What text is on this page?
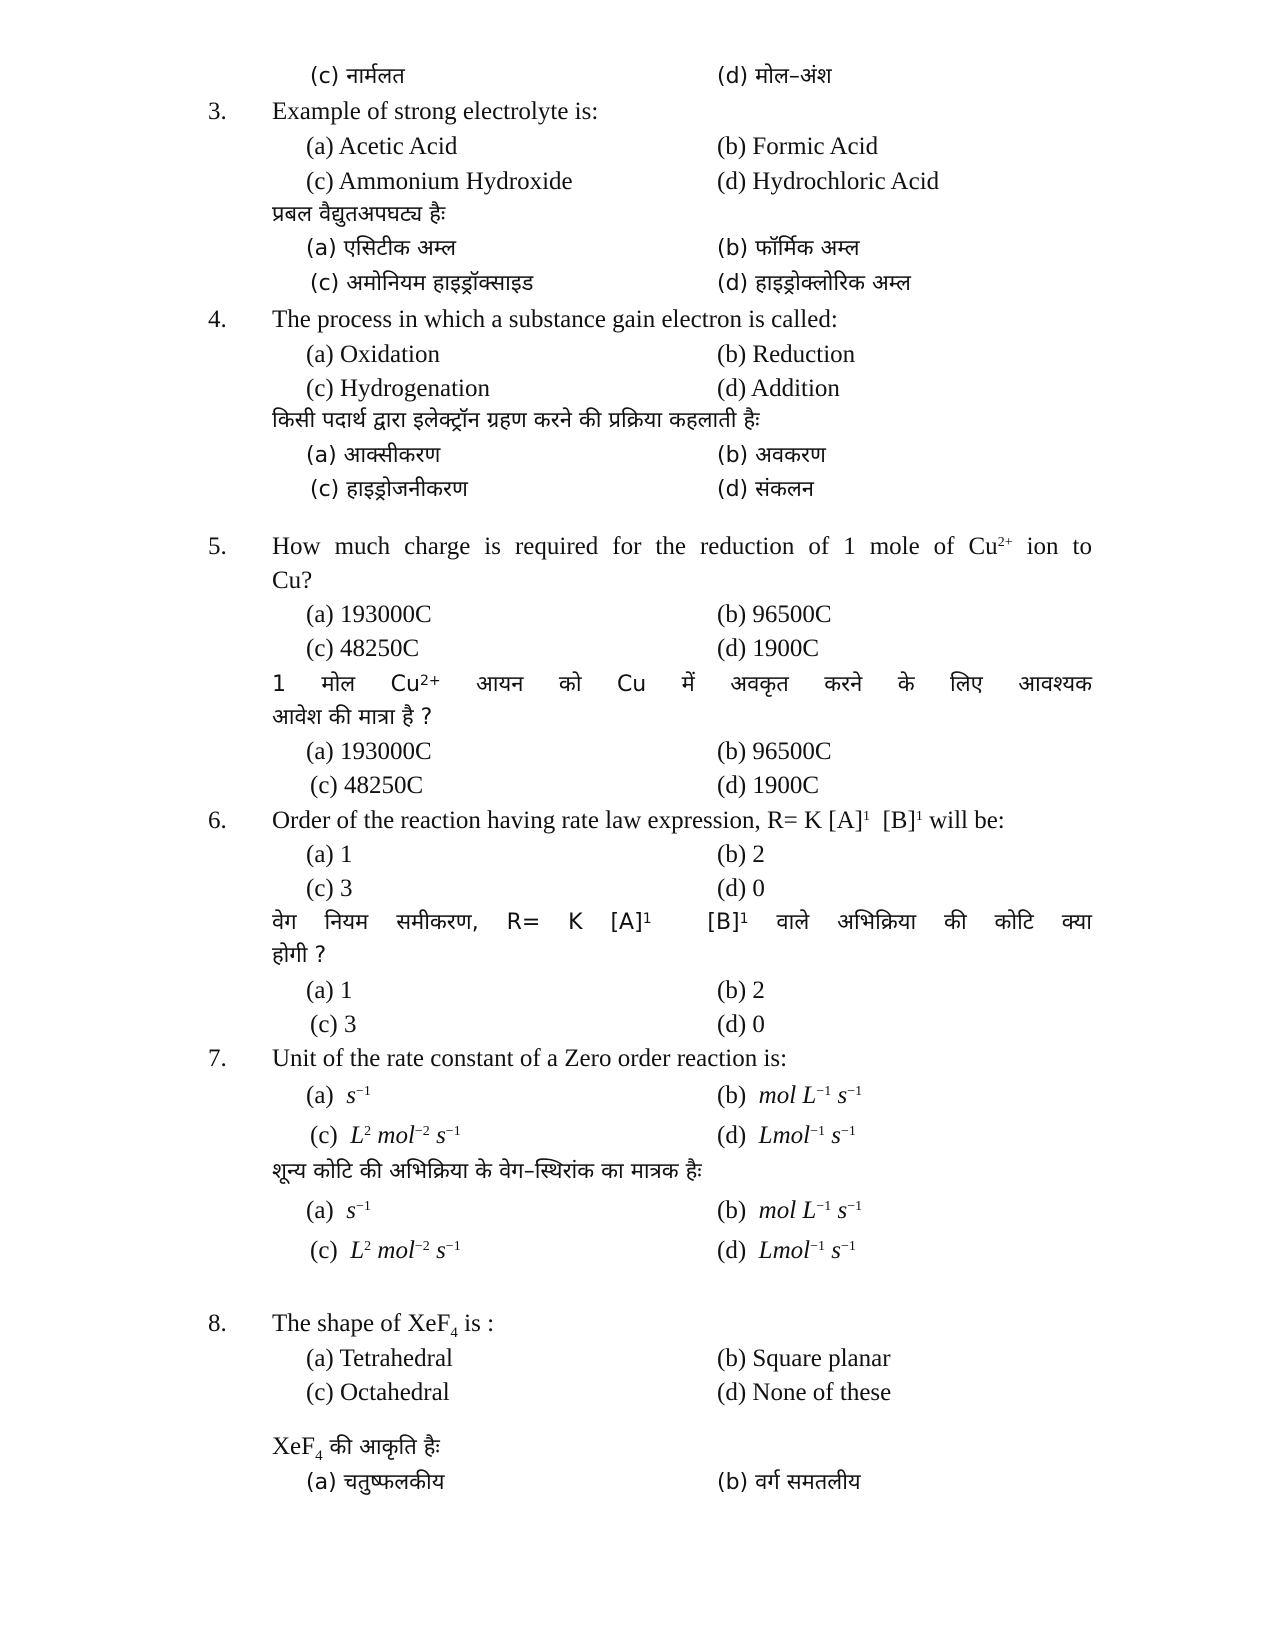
(c) नार्मलत	(d) मोल–अंश
3. Example of strong electrolyte is:
(a) Acetic Acid	(b) Formic Acid
(c) Ammonium Hydroxide	(d) Hydrochloric Acid
प्रबल वैद्युतअपघट्य हैः
(a) एसिटीक अम्ल	(b) फॉर्मिक अम्ल
(c) अमोनियम हाइड्रॉक्साइड	(d) हाइड्रोक्लोरिक अम्ल
4. The process in which a substance gain electron is called:
(a) Oxidation	(b) Reduction
(c) Hydrogenation	(d) Addition
किसी पदार्थ द्वारा इलेक्ट्रॉन ग्रहण करने की प्रक्रिया कहलाती हैः
(a) आक्सीकरण	(b) अवकरण
(c) हाइड्रोजनीकरण	(d) संकलन
5. How much charge is required for the reduction of 1 mole of $Cu^{2+}$ ion to
Cu?
(a) 193000C	(b) 96500C
(c) 48250C	(d) 1900C
1 मोल $Cu^{2+}$ आयन को Cu में अवकृत करने के लिए आवश्यक
आवेश की मात्रा है ?
(a) 193000C	(b) 96500C
(c) 48250C	(d) 1900C
6. Order of the reaction having rate law expression, R= K $[A]^1$  $[B]^1$ will be:
(a) 1	(b) 2
(c) 3	(d) 0
वेग नियम समीकरण, R= K $[A]^1$  $[B]^1$ वाले अभिक्रिया की कोटि क्या
होगी ?
(a) 1	(b) 2
(c) 3	(d) 0
7. Unit of the rate constant of a Zero order reaction is:
(a) $s^{-1}$	(b) mol $L^{-1}$ $s^{-1}$
(c) $L^2$ mol$^{-2}$ $s^{-1}$	(d) Lmol$^{-1}$ $s^{-1}$
शून्य कोटि की अभिक्रिया के वेग–स्थिरांक का मात्रक हैः
(a) $s^{-1}$	(b) mol $L^{-1}$ $s^{-1}$
(c) $L^2$ mol$^{-2}$ $s^{-1}$	(d) Lmol$^{-1}$ $s^{-1}$
8. The shape of XeF$_4$ is :
(a) Tetrahedral	(b) Square planar
(c) Octahedral	(d) None of these
XeF$_4$ की आकृति हैः
(a) चतुष्फलकीय	(b) वर्ग समतलीय
